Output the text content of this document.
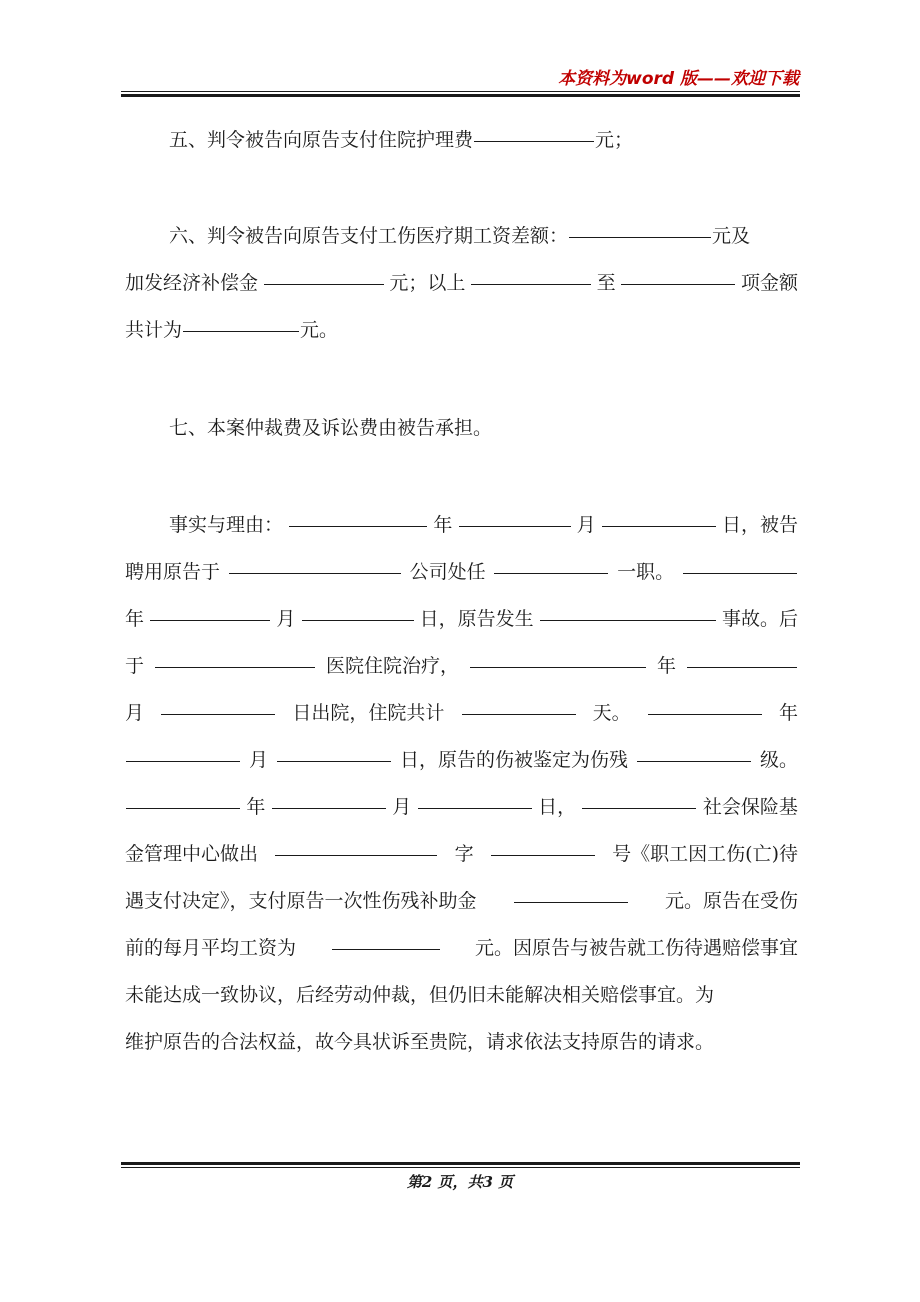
本资料为word 版——欢迎下载
五、判令被告向原告支付住院护理费	元；
六、判令被告向原告支付工伤医疗期工资差额：	元及
加发经济补偿金	元；以上	至	项金额
共计为	元。
七、本案仲裁费及诉讼费由被告承担。
事实与理由：	年	月	日，被告
聘用原告于	公司处任	一职。
年	月	日，原告发生	事故。后
于	医院住院治疗，	年
月	日出院，住院共计	天。	年
月	日，原告的伤被鉴定为伤残	级。
年	月	日，	社会保险基
金管理中心做出	字	号《职工因工伤(亡)待
遇支付决定》，支付原告一次性伤残补助金	元。原告在受伤
前的每月平均工资为	元。因原告与被告就工伤待遇赔偿事宜
未能达成一致协议，后经劳动仲裁，但仍旧未能解决相关赔偿事宜。为
维护原告的合法权益，故今具状诉至贵院，请求依法支持原告的请求。
第2 页，共3 页
